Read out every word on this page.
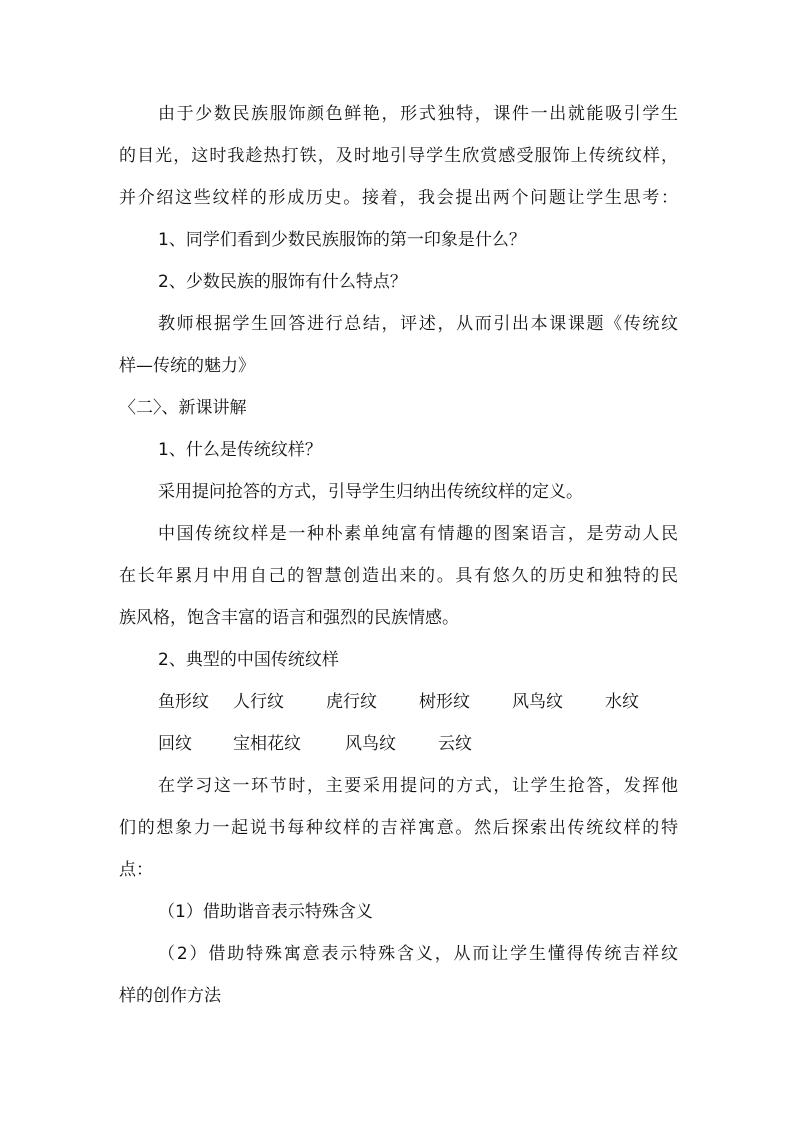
由于少数民族服饰颜色鲜艳，形式独特，课件一出就能吸引学生
的目光，这时我趁热打铁，及时地引导学生欣赏感受服饰上传统纹样，
并介绍这些纹样的形成历史。接着，我会提出两个问题让学生思考：
1、同学们看到少数民族服饰的第一印象是什么？
2、少数民族的服饰有什么特点？
教师根据学生回答进行总结，评述，从而引出本课课题《传统纹
样—传统的魅力》
〈二〉、新课讲解
1、什么是传统纹样？
采用提问抢答的方式，引导学生归纳出传统纹样的定义。
中国传统纹样是一种朴素单纯富有情趣的图案语言，是劳动人民
在长年累月中用自己的智慧创造出来的。具有悠久的历史和独特的民
族风格，饱含丰富的语言和强烈的民族情感。
2、典型的中国传统纹样
鱼形纹 人行纹 虎行纹 树形纹 风鸟纹 水纹
回纹 宝相花纹	风鸟纹 云纹
在学习这一环节时，主要采用提问的方式，让学生抢答，发挥他
们的想象力一起说书每种纹样的吉祥寓意。然后探索出传统纹样的特
点：
（1）借助谐音表示特殊含义
（2）借助特殊寓意表示特殊含义，从而让学生懂得传统吉祥纹
样的创作方法
